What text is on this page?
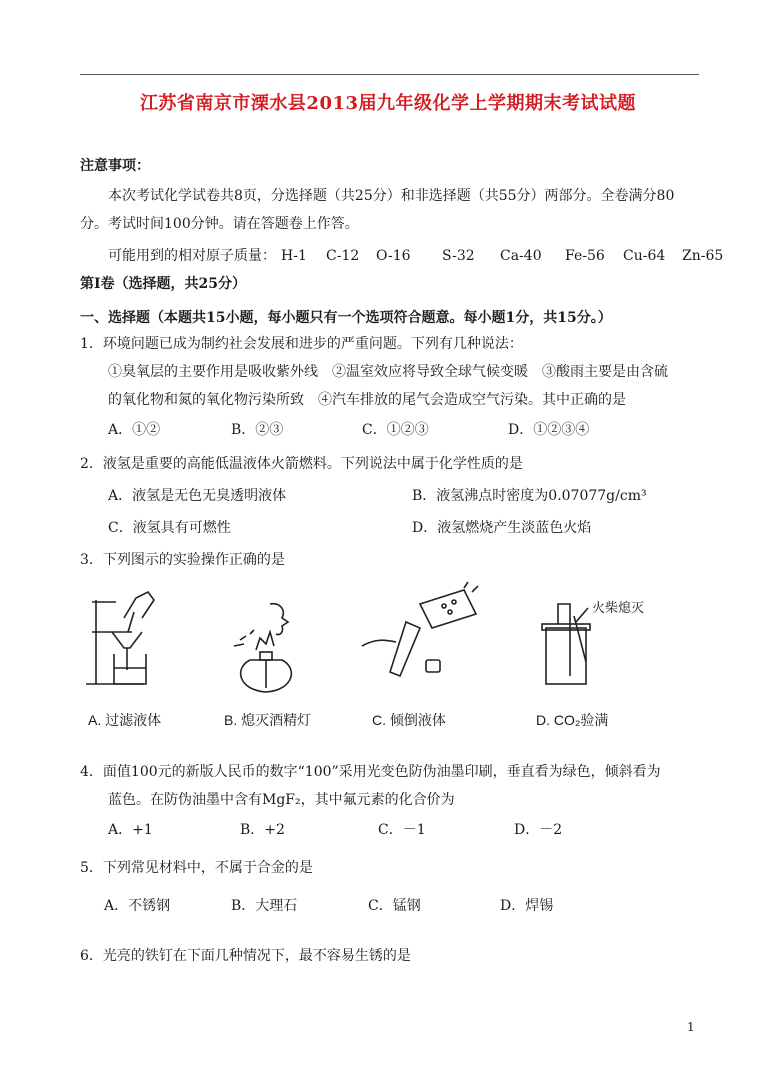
江苏省南京市溧水县2013届九年级化学上学期期末考试试题
注意事项：
本次考试化学试卷共8页，分选择题（共25分）和非选择题（共55分）两部分。全卷满分80
分。考试时间100分钟。请在答题卷上作答。
可能用到的相对原子质量： H-1 C-12 O-16 S-32 Ca-40 Fe-56 Cu-64 Zn-65
第Ⅰ卷（选择题，共25分）
一、选择题（本题共15小题，每小题只有一个选项符合题意。每小题1分，共15分。）
1．环境问题已成为制约社会发展和进步的严重问题。下列有几种说法：
①臭氧层的主要作用是吸收紫外线　②温室效应将导致全球气候变暖　③酸雨主要是由含硫
的氧化物和氮的氧化物污染所致　④汽车排放的尾气会造成空气污染。其中正确的是
A．①②	B．②③	C．①②③	D．①②③④
2．液氢是重要的高能低温液体火箭燃料。下列说法中属于化学性质的是
A．液氢是无色无臭透明液体	B．液氢沸点时密度为0.07077g/cm³
C．液氢具有可燃性	D．液氢燃烧产生淡蓝色火焰
3．下列图示的实验操作正确的是
A. 过滤液体	B. 熄灭酒精灯	C. 倾倒液体
火柴熄灭
D. CO₂验满
4．面值100元的新版人民币的数字“100”采用光变色防伪油墨印刷，垂直看为绿色，倾斜看为
蓝色。在防伪油墨中含有MgF₂，其中氟元素的化合价为
A．+1	B．+2	C．－1	D．－2
5．下列常见材料中，不属于合金的是
A．不锈钢	B．大理石	C．锰钢	D．焊锡
6．光亮的铁钉在下面几种情况下，最不容易生锈的是
1
